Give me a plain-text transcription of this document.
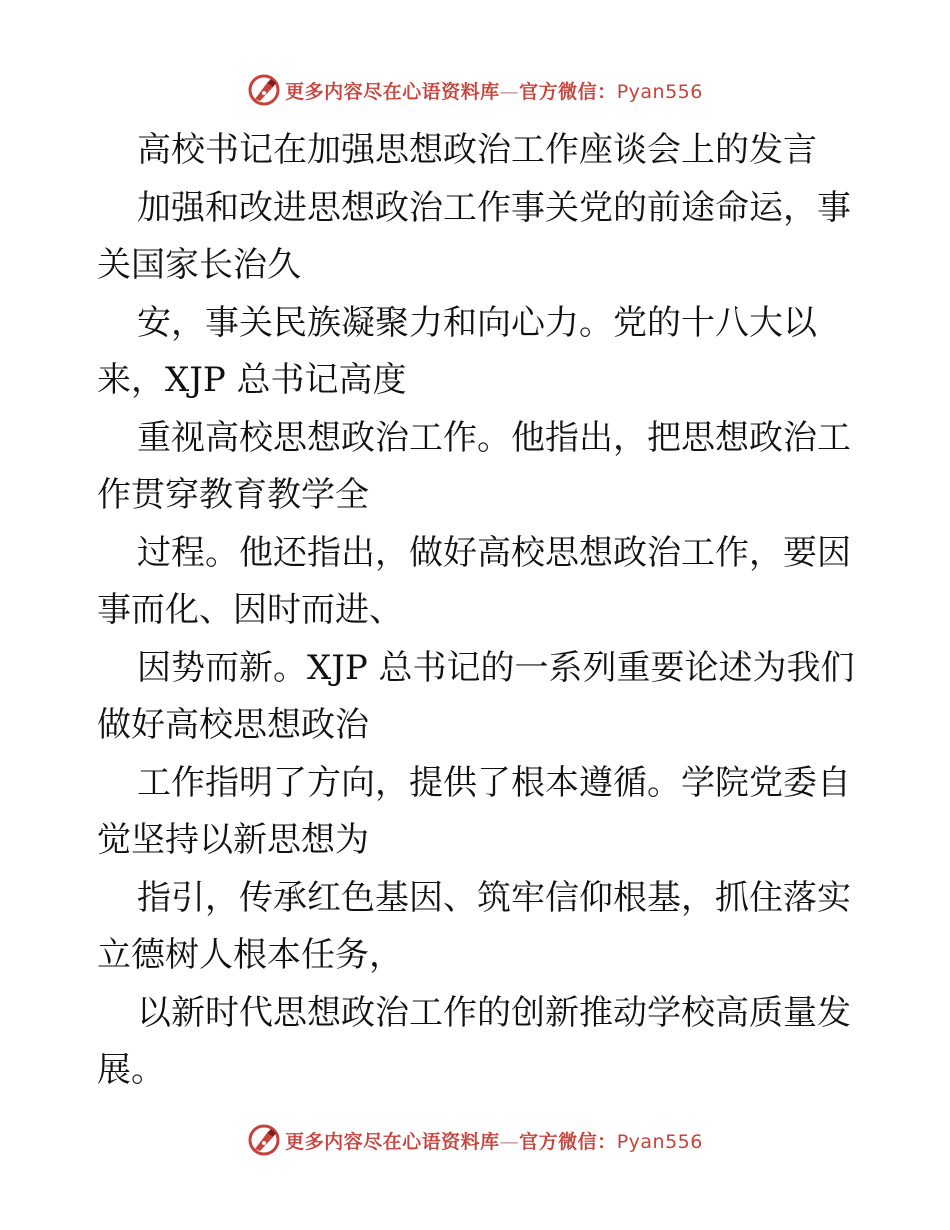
更多内容尽在心语资料库—官方微信：Pyan556
高校书记在加强思想政治工作座谈会上的发言
加强和改进思想政治工作事关党的前途命运，事
关国家长治久
安，事关民族凝聚力和向心力。党的十八大以
来，XJP 总书记高度
重视高校思想政治工作。他指出，把思想政治工
作贯穿教育教学全
过程。他还指出，做好高校思想政治工作，要因
事而化、因时而进、
因势而新。XJP 总书记的一系列重要论述为我们
做好高校思想政治
工作指明了方向，提供了根本遵循。学院党委自
觉坚持以新思想为
指引，传承红色基因、筑牢信仰根基，抓住落实
立德树人根本任务，
以新时代思想政治工作的创新推动学校高质量发
展。
更多内容尽在心语资料库—官方微信：Pyan556
